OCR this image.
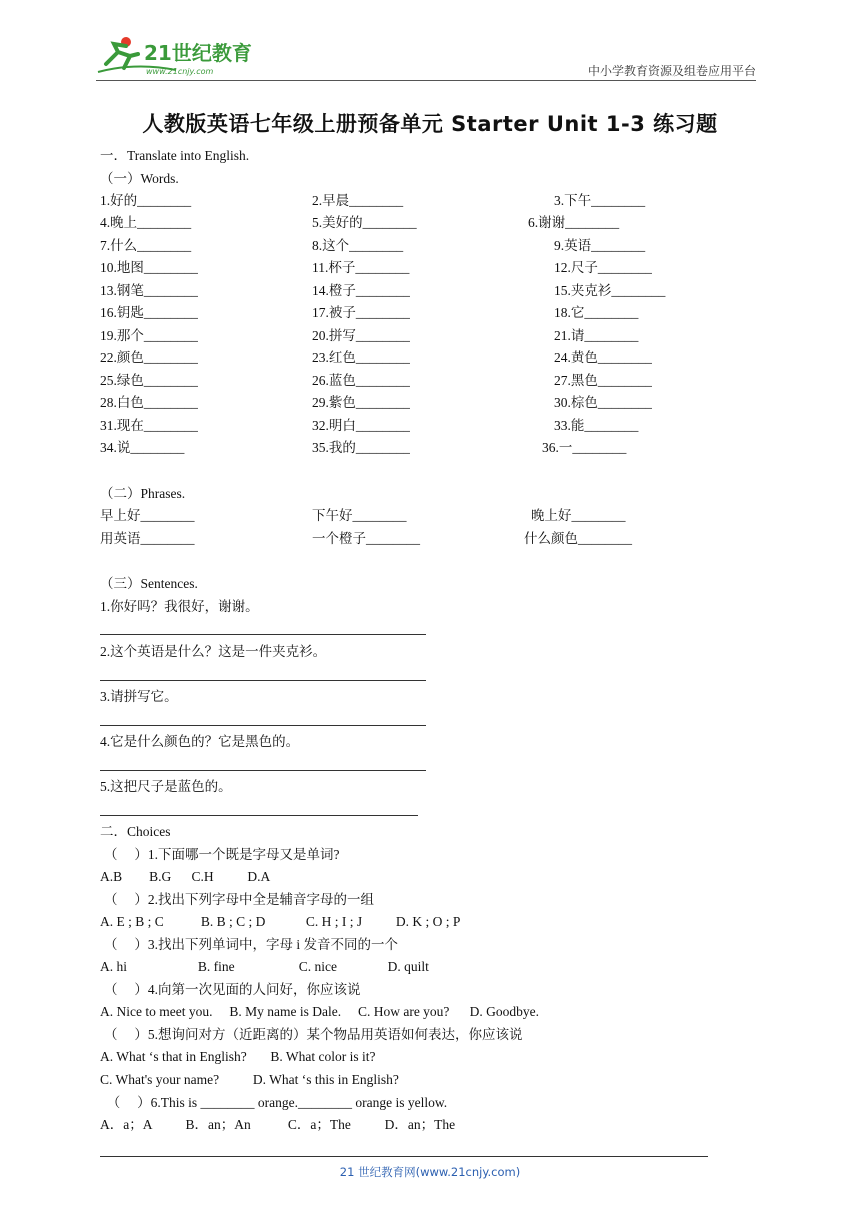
21世纪教育
www.21cnjy.com	中小学教育资源及组卷应用平台
人教版英语七年级上册预备单元 Starter Unit 1-3 练习题
一．Translate into English.
（一）Words.
1.好的________	2.早晨________	3.下午________
4.晚上________	5.美好的________	6.谢谢________
7.什么________	8.这个________	9.英语________
10.地图________	11.杯子________	12.尺子________
13.钢笔________	14.橙子________	15.夹克衫________
16.钥匙________	17.被子________	18.它________
19.那个________	20.拼写________	21.请________
22.颜色________	23.红色________	24.黄色________
25.绿色________	26.蓝色________	27.黑色________
28.白色________	29.紫色________	30.棕色________
31.现在________	32.明白________	33.能________
34.说________	35.我的________	36.一________
（二）Phrases.
早上好________	下午好________	晚上好________
用英语________	一个橙子________	什么颜色________
（三）Sentences.
1.你好吗？我很好，谢谢。
2.这个英语是什么？这是一件夹克衫。
3.请拼写它。
4.它是什么颜色的？它是黑色的。
5.这把尺子是蓝色的。
二．Choices
（     ）1.下面哪一个既是字母又是单词?
A.B        B.G      C.H          D.A
（     ）2.找出下列字母中全是辅音字母的一组
A. E ; B ; C           B. B ; C ; D            C. H ; I ; J          D. K ; O ; P
（     ）3.找出下列单词中，字母 i 发音不同的一个
A. hi                     B. fine                   C. nice               D. quilt
（     ）4.向第一次见面的人问好，你应该说
A. Nice to meet you.     B. My name is Dale.     C. How are you?      D. Goodbye.
（     ）5.想询问对方（近距离的）某个物品用英语如何表达，你应该说
A. What ‘s that in English?       B. What color is it?
C. What's your name?          D. What ‘s this in English?
（     ）6.This is ________ orange.________ orange is yellow.
A．a；A          B．an；An           C．a；The          D．an；The
21 世纪教育网(www.21cnjy.com)
